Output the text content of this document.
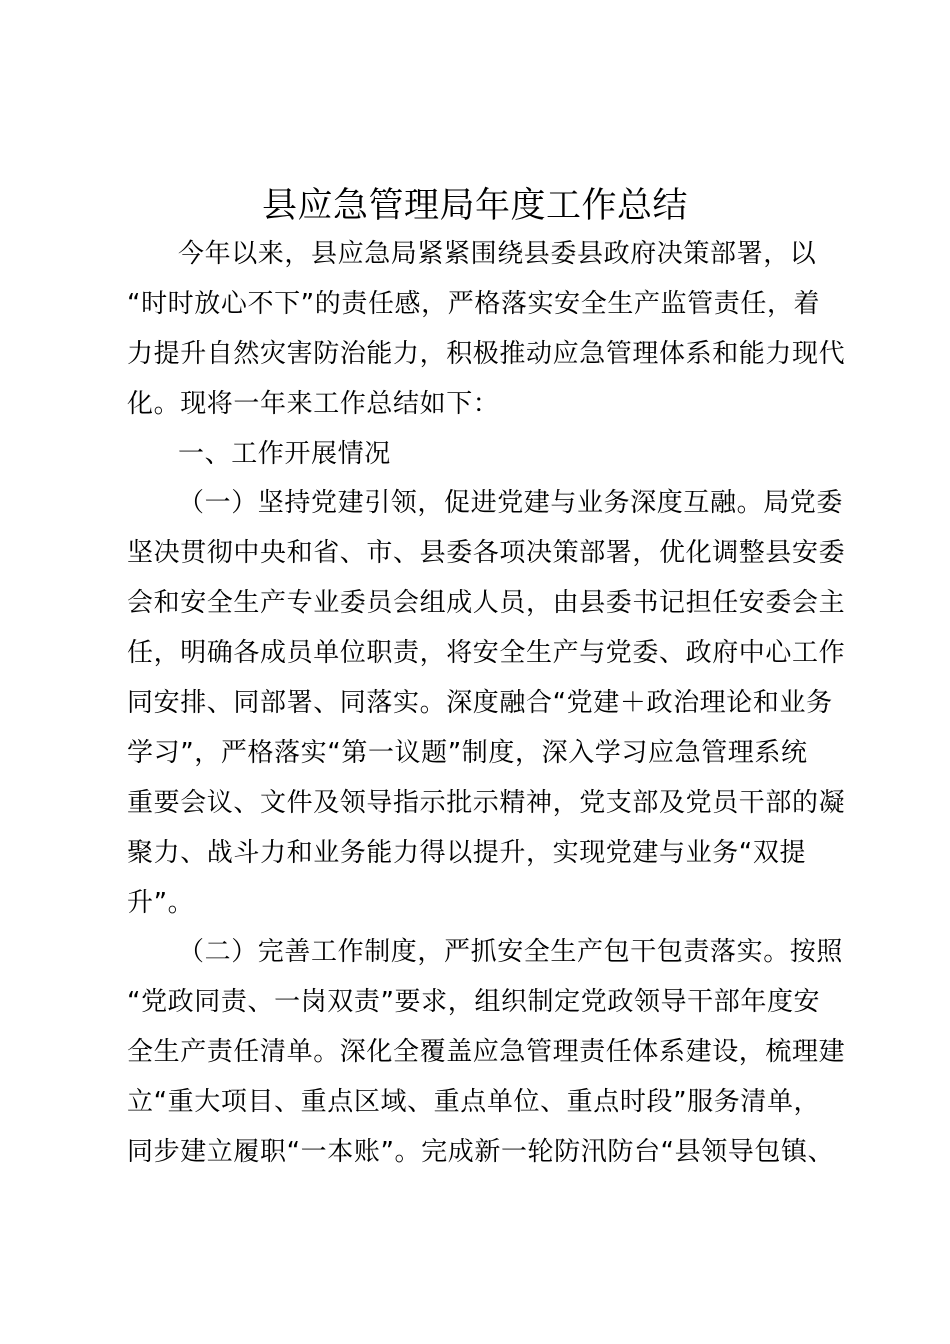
县应急管理局年度工作总结

今年以来，县应急局紧紧围绕县委县政府决策部署，以

“时时放心不下”的责任感，严格落实安全生产监管责任，着

力提升自然灾害防治能力，积极推动应急管理体系和能力现代

化。现将一年来工作总结如下：

一、工作开展情况

（一）坚持党建引领，促进党建与业务深度互融。局党委

坚决贯彻中央和省、市、县委各项决策部署，优化调整县安委

会和安全生产专业委员会组成人员，由县委书记担任安委会主

任，明确各成员单位职责，将安全生产与党委、政府中心工作

同安排、同部署、同落实。深度融合“党建＋政治理论和业务

学习”，严格落实“第一议题”制度，深入学习应急管理系统

重要会议、文件及领导指示批示精神，党支部及党员干部的凝

聚力、战斗力和业务能力得以提升，实现党建与业务“双提

升”。

（二）完善工作制度，严抓安全生产包干包责落实。按照

“党政同责、一岗双责”要求，组织制定党政领导干部年度安

全生产责任清单。深化全覆盖应急管理责任体系建设，梳理建

立“重大项目、重点区域、重点单位、重点时段”服务清单，

同步建立履职“一本账”。完成新一轮防汛防台“县领导包镇、
